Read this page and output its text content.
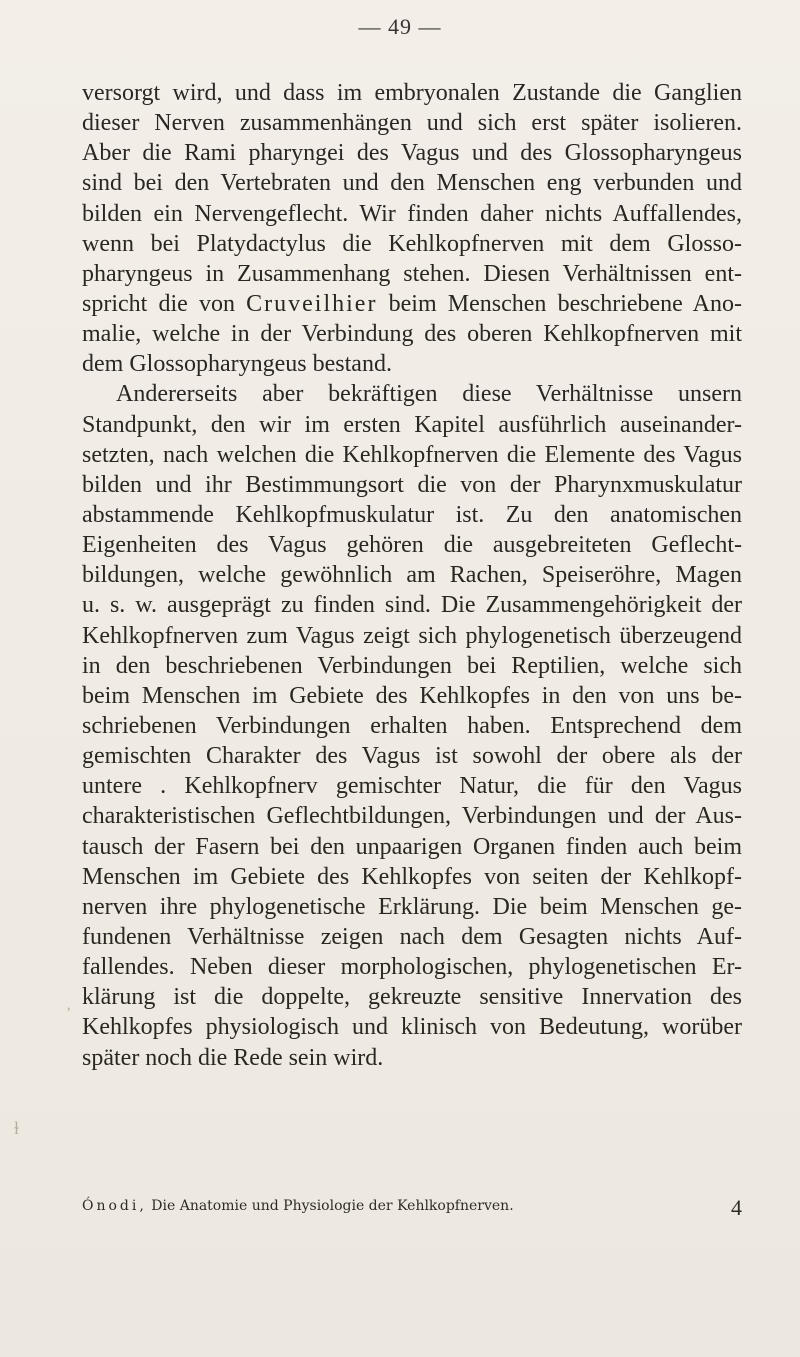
— 49 —
versorgt wird, und dass im embryonalen Zustande die Ganglien
dieser Nerven zusammenhängen und sich erst später isolieren.
Aber die Rami pharyngei des Vagus und des Glossopharyngeus
sind bei den Vertebraten und den Menschen eng verbunden und
bilden ein Nervengeflecht. Wir finden daher nichts Auffallendes,
wenn bei Platydactylus die Kehlkopfnerven mit dem Glosso-
pharyngeus in Zusammenhang stehen. Diesen Verhältnissen ent-
spricht die von Cruveilhier beim Menschen beschriebene Ano-
malie, welche in der Verbindung des oberen Kehlkopfnerven mit
dem Glossopharyngeus bestand.
Andererseits aber bekräftigen diese Verhältnisse unsern
Standpunkt, den wir im ersten Kapitel ausführlich auseinander-
setzten, nach welchen die Kehlkopfnerven die Elemente des Vagus
bilden und ihr Bestimmungsort die von der Pharynxmuskulatur
abstammende Kehlkopfmuskulatur ist. Zu den anatomischen
Eigenheiten des Vagus gehören die ausgebreiteten Geflecht-
bildungen, welche gewöhnlich am Rachen, Speiseröhre, Magen
u. s. w. ausgeprägt zu finden sind. Die Zusammengehörigkeit der
Kehlkopfnerven zum Vagus zeigt sich phylogenetisch überzeugend
in den beschriebenen Verbindungen bei Reptilien, welche sich
beim Menschen im Gebiete des Kehlkopfes in den von uns be-
schriebenen Verbindungen erhalten haben. Entsprechend dem
gemischten Charakter des Vagus ist sowohl der obere als der
untere . Kehlkopfnerv gemischter Natur, die für den Vagus
charakteristischen Geflechtbildungen, Verbindungen und der Aus-
tausch der Fasern bei den unpaarigen Organen finden auch beim
Menschen im Gebiete des Kehlkopfes von seiten der Kehlkopf-
nerven ihre phylogenetische Erklärung. Die beim Menschen ge-
fundenen Verhältnisse zeigen nach dem Gesagten nichts Auf-
fallendes. Neben dieser morphologischen, phylogenetischen Er-
klärung ist die doppelte, gekreuzte sensitive Innervation des
Kehlkopfes physiologisch und klinisch von Bedeutung, worüber
später noch die Rede sein wird.
ʼ
ɫ
Ónodi, Die Anatomie und Physiologie der Kehlkopfnerven.	4
